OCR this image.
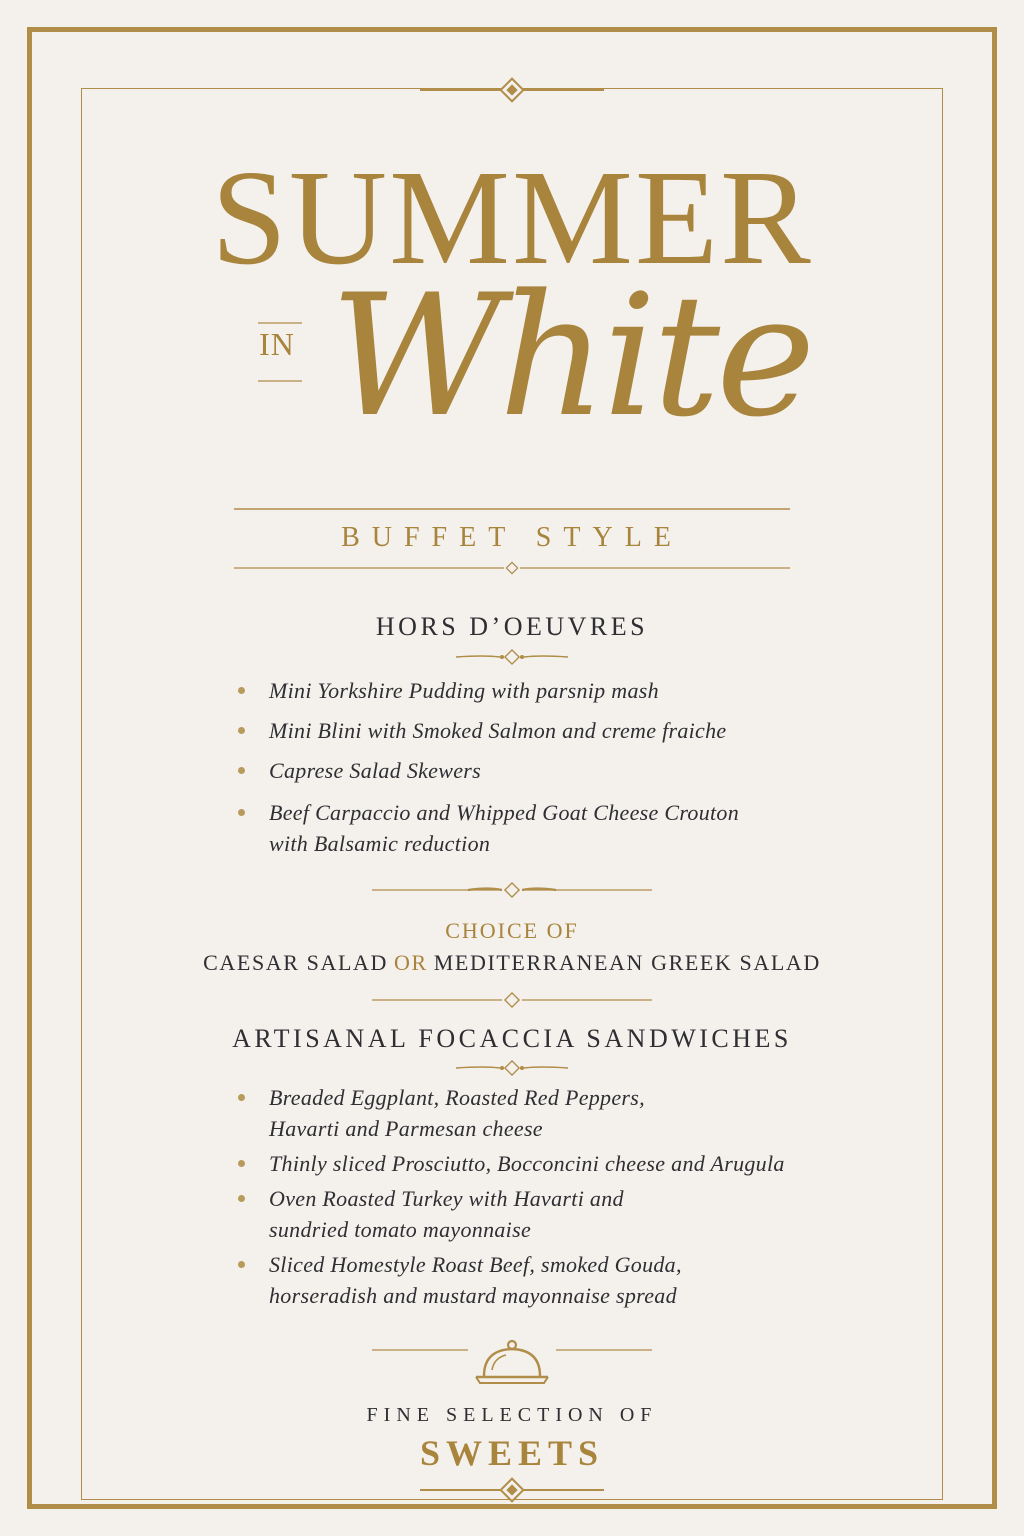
SUMMER
IN White
BUFFET STYLE
HORS D’OEUVRES
Mini Yorkshire Pudding with parsnip mash
Mini Blini with Smoked Salmon and creme fraiche
Caprese Salad Skewers
Beef Carpaccio and Whipped Goat Cheese Crouton
with Balsamic reduction
CHOICE OF
CAESAR SALAD OR MEDITERRANEAN GREEK SALAD
ARTISANAL FOCACCIA SANDWICHES
Breaded Eggplant, Roasted Red Peppers,
Havarti and Parmesan cheese
Thinly sliced Prosciutto, Bocconcini cheese and Arugula
Oven Roasted Turkey with Havarti and
sundried tomato mayonnaise
Sliced Homestyle Roast Beef, smoked Gouda,
horseradish and mustard mayonnaise spread
FINE SELECTION OF
SWEETS
